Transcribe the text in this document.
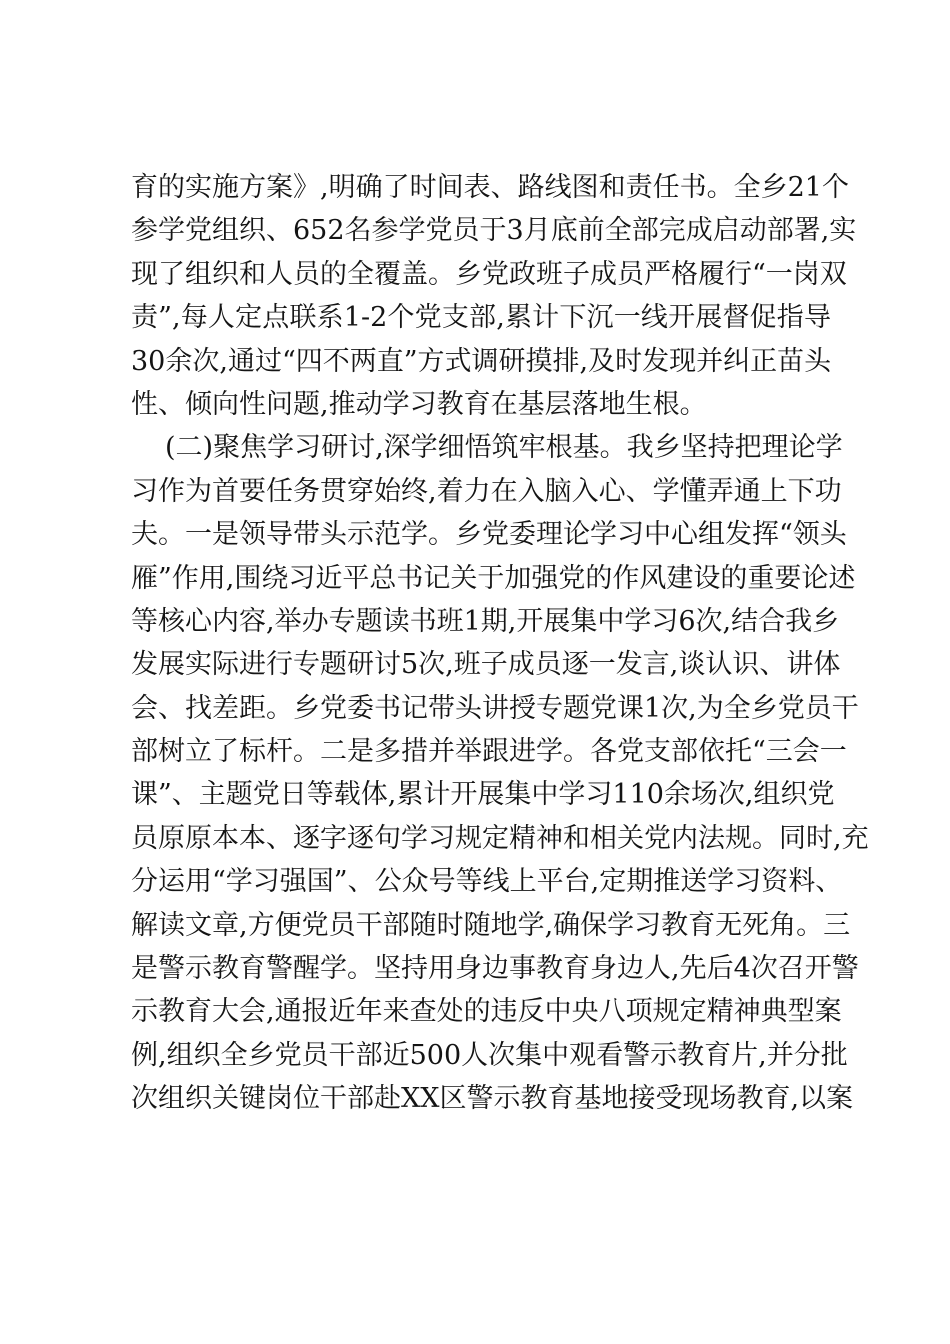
育的实施方案》,明确了时间表、路线图和责任书。全乡21个
参学党组织、652名参学党员于3月底前全部完成启动部署,实
现了组织和人员的全覆盖。乡党政班子成员严格履行“一岗双
责”,每人定点联系1-2个党支部,累计下沉一线开展督促指导
30余次,通过“四不两直”方式调研摸排,及时发现并纠正苗头
性、倾向性问题,推动学习教育在基层落地生根。
(二)聚焦学习研讨,深学细悟筑牢根基。我乡坚持把理论学
习作为首要任务贯穿始终,着力在入脑入心、学懂弄通上下功
夫。一是领导带头示范学。乡党委理论学习中心组发挥“领头
雁”作用,围绕习近平总书记关于加强党的作风建设的重要论述
等核心内容,举办专题读书班1期,开展集中学习6次,结合我乡
发展实际进行专题研讨5次,班子成员逐一发言,谈认识、讲体
会、找差距。乡党委书记带头讲授专题党课1次,为全乡党员干
部树立了标杆。二是多措并举跟进学。各党支部依托“三会一
课”、主题党日等载体,累计开展集中学习110余场次,组织党
员原原本本、逐字逐句学习规定精神和相关党内法规。同时,充
分运用“学习强国”、公众号等线上平台,定期推送学习资料、
解读文章,方便党员干部随时随地学,确保学习教育无死角。三
是警示教育警醒学。坚持用身边事教育身边人,先后4次召开警
示教育大会,通报近年来查处的违反中央八项规定精神典型案
例,组织全乡党员干部近500人次集中观看警示教育片,并分批
次组织关键岗位干部赴XX区警示教育基地接受现场教育,以案
